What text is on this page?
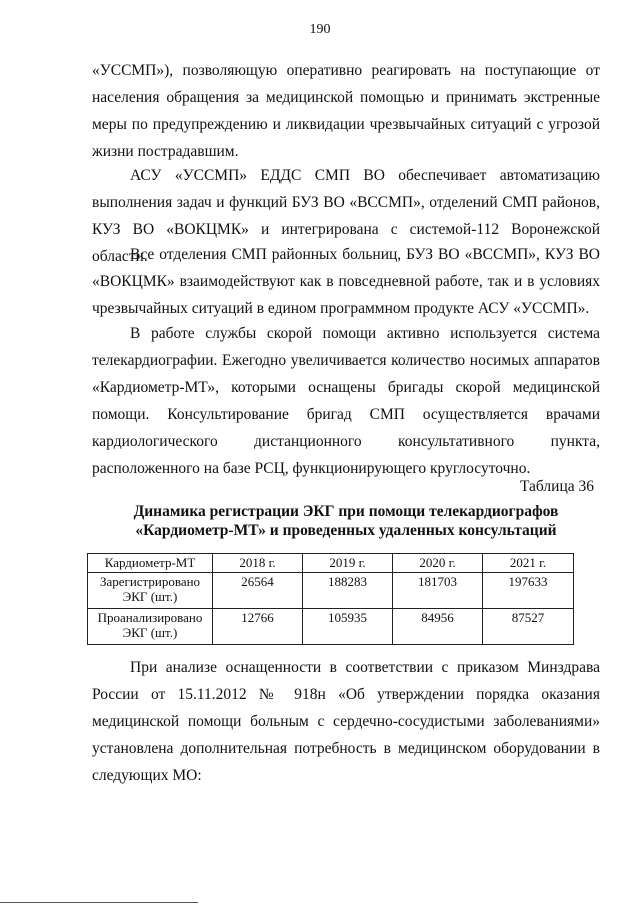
190

«УССМП»), позволяющую оперативно реагировать на поступающие от населения обращения за медицинской помощью и принимать экстренные меры по предупреждению и ликвидации чрезвычайных ситуаций с угрозой жизни пострадавшим.

АСУ «УССМП» ЕДДС СМП ВО обеспечивает автоматизацию выполнения задач и функций БУЗ ВО «ВССМП», отделений СМП районов, КУЗ ВО «ВОКЦМК» и интегрирована с системой-112 Воронежской области.

Все отделения СМП районных больниц, БУЗ ВО «ВССМП», КУЗ ВО «ВОКЦМК» взаимодействуют как в повседневной работе, так и в условиях чрезвычайных ситуаций в едином программном продукте АСУ «УССМП».

В работе службы скорой помощи активно используется система телекардиографии. Ежегодно увеличивается количество носимых аппаратов «Кардиометр-МТ», которыми оснащены бригады скорой медицинской помощи. Консультирование бригад СМП осуществляется врачами кардиологического дистанционного консультативного пункта, расположенного на базе РСЦ, функционирующего круглосуточно.

Таблица 36
Динамика регистрации ЭКГ при помощи телекардиографов
«Кардиометр-МТ» и проведенных удаленных консультаций
Кардиометр-МТ	2018 г.	2019 г.	2020 г.	2021 г.
Зарегистрировано ЭКГ (шт.)	26564	188283	181703	197633
Проанализировано ЭКГ (шт.)	12766	105935	84956	87527

При анализе оснащенности в соответствии с приказом Минздрава России от 15.11.2012 № 918н «Об утверждении порядка оказания медицинской помощи больным с сердечно-сосудистыми заболеваниями» установлена дополнительная потребность в медицинском оборудовании в следующих МО:
